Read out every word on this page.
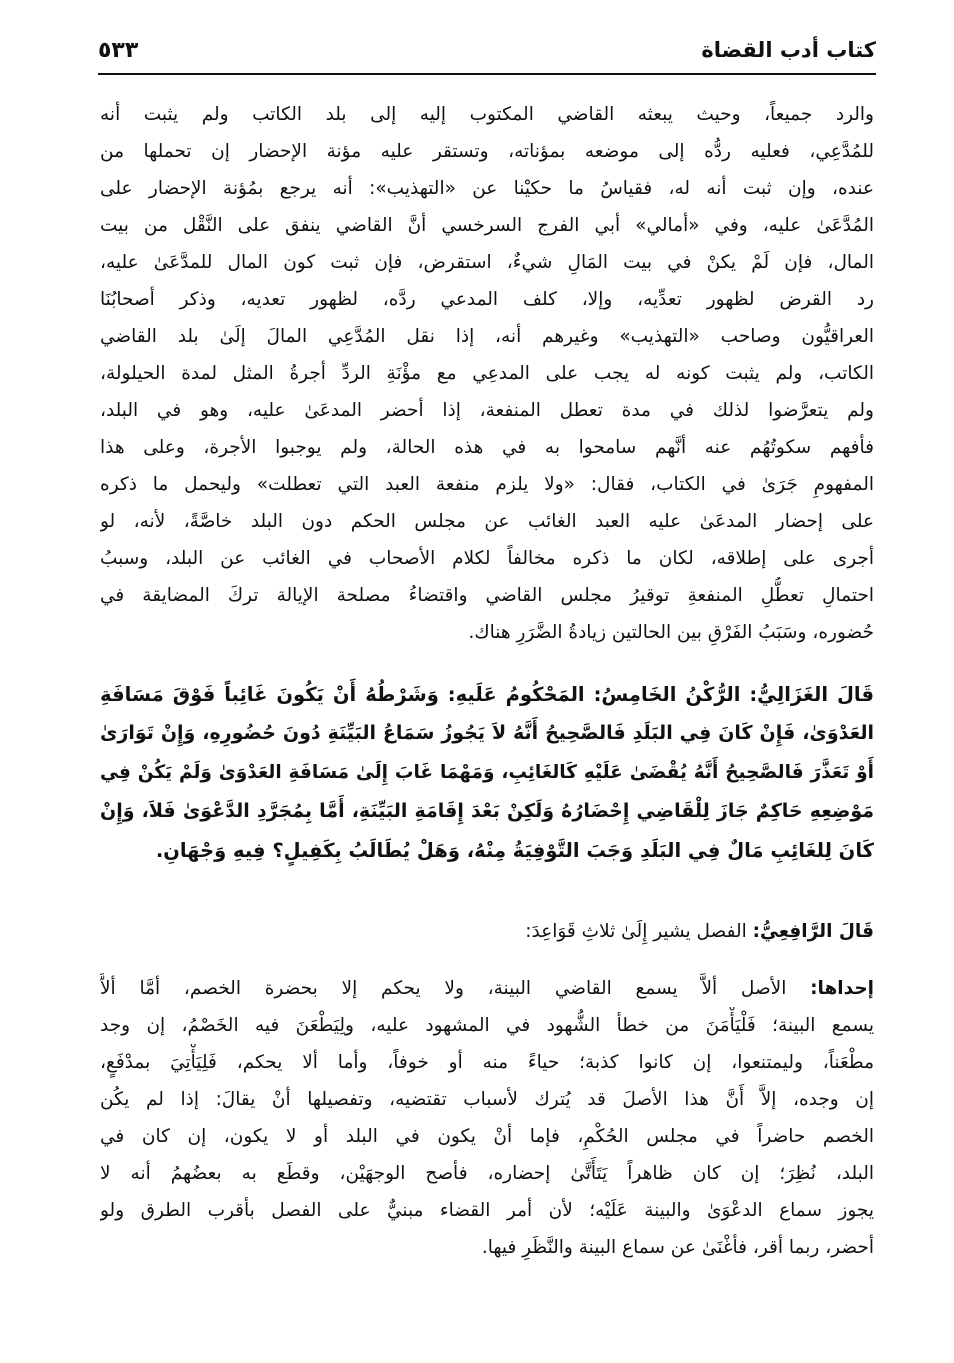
كتاب أدب القضاة
٥٣٣
والرد جميعاً، وحيث يبعثه القاضي المكتوب إليه إلى بلد الكاتب ولم يثبت أنه
للمُدَّعِي، فعليه ردُّه إلى موضعه بمؤناته، وتستقر عليه مؤنة الإحضار إن تحملها من
عنده، وإن ثبت أنه له، فقياسُ ما حكيْنا عن «التهذيب»: أنه يرجع بمُؤنة الإحضار على
المُدَّعَىٰ عليه، وفي «أمالي» أبي الفرج السرخسي أنَّ القاضي ينفق على النَّقْل من بيت
المال، فإن لَمْ يكنْ في بيت المَالِ شيءٌ، استقرض، فإن ثبت كون المال للمدَّعَىٰ عليه،
رد القرض لظهور تعدِّيه، وإلا، كلف المدعي ردَّه، لظهور تعديه، وذكر أصحابُنَا
العراقيُّون وصاحب «التهذيب» وغيرهم أنه، إذا نقل المُدَّعِي المالَ إلَىٰ بلد القاضي
الكاتب، ولم يثبت كونه له يجب على المدعِي مع مؤْنَةِ الردِّ أجرةُ المثل لمدة الحيلولة،
ولم يتعرَّضوا لذلك في مدة تعطل المنفعة، إذا أحضر المدعَىٰ عليه، وهو في البلد،
فأفهم سكوتُهُم عنه أنَّهم سامحوا به في هذه الحالة، ولم يوجبوا الأجرة، وعلى هذا
المفهومِ جَرَىٰ في الكتاب، فقال: «ولا يلزم منفعة العبد التي تعطلت» وليحمل ما ذكره
على إحضار المدعَىٰ عليه العبد الغائب عن مجلس الحكم دون البلد خاصَّةً، لأنه، لو
أجرى على إطلاقه، لكان ما ذكره مخالفاً لكلام الأصحاب في الغائب عن البلد، وسببُ
احتمالِ تعطُّلِ المنفعةِ توقيرُ مجلس القاضي واقتضاءُ مصلحة الإيالة تركَ المضايقة في
حُضوره، وسَبَبُ الفَرْقِ بين الحالتين زيادةُ الضَّرَرِ هناك.
قَالَ الغَزَالِيُّ: الرُّكْنُ الخَامِسُ: المَحْكُومُ عَلَيهِ: وَشَرْطُهُ أَنْ يَكُونَ غَائِباً فَوْقَ مَسَافَةِ
العَدْوَىٰ، فَإِنْ كَانَ فِي البَلَدِ فَالصَّحِيحُ أَنَّهُ لاَ يَجُوزُ سَمَاعُ البَيِّنَةِ دُونَ حُضُورِهِ، وَإِنْ تَوَارَىٰ
أَوْ تَعَذَّرَ فَالصَّحِيحُ أَنَّهُ يُقْضَىٰ عَلَيْهِ كَالغَائِبِ، وَمَهْمَا غَابَ إِلَىٰ مَسَافَةِ العَدْوَىٰ وَلَمْ يَكُنْ فِي
مَوْضِعِهِ حَاكِمٌ جَازَ لِلْقَاضِي إِحْضَارُهُ وَلَكِنْ بَعْدَ إِقَامَةِ البَيِّنَةِ، أَمَّا بِمُجَرَّدِ الدَّعْوَىٰ فَلاَ، وَإِنْ
كَانَ لِلغَائِبِ مَالٌ فِي البَلَدِ وَجَبَ التَّوْفِيَةُ مِنْهُ، وَهَلْ يُطَالَبُ بِكَفِيلٍ؟ فِيهِ وَجْهَانِ.
قَالَ الرَّافِعِيُّ: الفصل يشير إِلَىٰ ثلاثِ قَوَاعِدَ:
إحداها: الأصل ألاَّ يسمع القاضي البينة، ولا يحكم إلا بحضرة الخصم، أمَّا ألاَّ
يسمع البينة؛ فَلْيَأْمَنَ من خطأ الشُّهود في المشهود عليه، ولِيَطْعَنَ فيه الخَصْمُ، إن وجد
مطْعَناً، وليمتنعوا، إن كانوا كذبة؛ حياءً منه أو خوفاً، وأما ألا يحكم، فَلِيَأْتِيَ بمدْفَعٍ،
إن وجده، إلاَّ أَنَّ هذا الأصلَ قد يُترك لأسباب تقتضيه، وتفصيلها أنْ يقالَ: إذا لم يكُن
الخصم حاضراً في مجلس الحُكْمِ، فإما أنْ يكون في البلد أو لا يكون، إن كان في
البلد، نُظِرَ؛ إن كان ظاهراً يَتَأَتَّىٰ إحضاره، فأصح الوجهَيْن، وقطَع به بعضُهمُ أنه لا
يجوز سماع الدعْوَىٰ والبينة عَلَيْه؛ لأن أمر القضاء مبنيٌّ على الفصل بأقرب الطرق ولو
أحضر، ربما أقر، فأغْنَىٰ عن سماع البينة والنَّظَرِ فيها.
